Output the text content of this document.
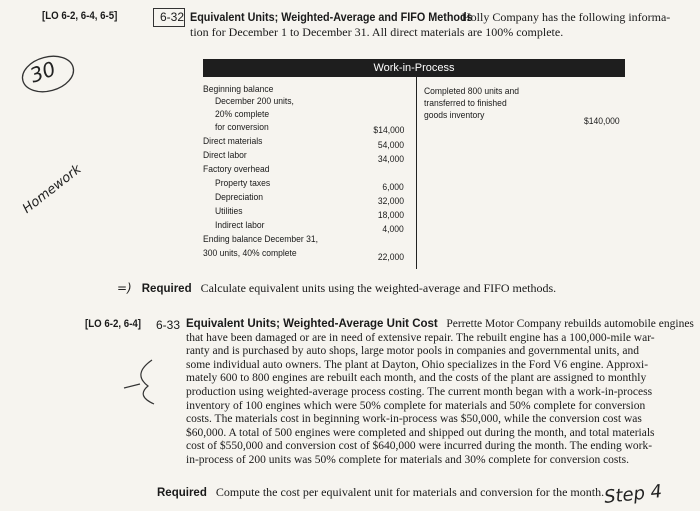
[LO 6-2, 6-4, 6-5]	6-32 Equivalent Units; Weighted-Average and FIFO Methods
Holly Company has the following informa-
tion for December 1 to December 31. All direct materials are 100% complete.
Work-in-Process
Beginning balance
December 200 units,
20% complete
for conversion	$14,000
Direct materials	54,000
Direct labor	34,000
Factory overhead
Property taxes	6,000
Depreciation	32,000
Utilities	18,000
Indirect labor	4,000
Ending balance December 31,
300 units, 40% complete	22,000
Completed 800 units and
transferred to finished
goods inventory
$140,000
=) Required Calculate equivalent units using the weighted-average and FIFO methods.
[LO 6-2, 6-4] 6-33 Equivalent Units; Weighted-Average Unit Cost Perrette Motor Company rebuilds automobile engines
that have been damaged or are in need of extensive repair. The rebuilt engine has a 100,000-mile war-
ranty and is purchased by auto shops, large motor pools in companies and governmental units, and
some individual auto owners. The plant at Dayton, Ohio specializes in the Ford V6 engine. Approxi-
mately 600 to 800 engines are rebuilt each month, and the costs of the plant are assigned to monthly
production using weighted-average process costing. The current month began with a work-in-process
inventory of 100 engines which were 50% complete for materials and 50% complete for conversion
costs. The materials cost in beginning work-in-process was $50,000, while the conversion cost was
$60,000. A total of 500 engines were completed and shipped out during the month, and total materials
cost of $550,000 and conversion cost of $640,000 were incurred during the month. The ending work-
in-process of 200 units was 50% complete for materials and 30% complete for conversion costs.
Required Compute the cost per equivalent unit for materials and conversion for the month.
30
Homework
Step 4
